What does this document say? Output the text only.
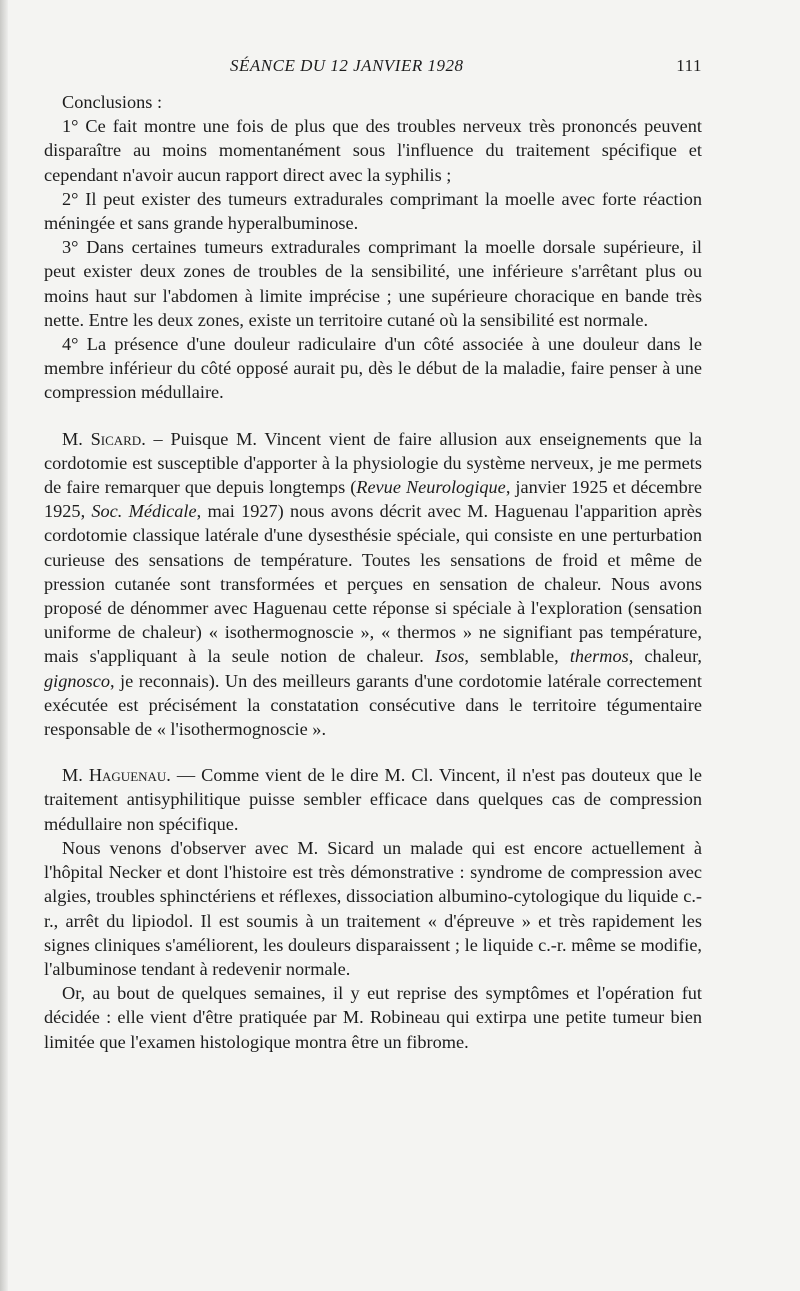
SÉANCE DU 12 JANVIER 1928	111

Conclusions :

1° Ce fait montre une fois de plus que des troubles nerveux très prononcés peuvent disparaître au moins momentanément sous l'influence du traitement spécifique et cependant n'avoir aucun rapport direct avec la syphilis ;

2° Il peut exister des tumeurs extradurales comprimant la moelle avec forte réaction méningée et sans grande hyperalbuminose.

3° Dans certaines tumeurs extradurales comprimant la moelle dorsale supérieure, il peut exister deux zones de troubles de la sensibilité, une inférieure s'arrêtant plus ou moins haut sur l'abdomen à limite imprécise ; une supérieure choracique en bande très nette. Entre les deux zones, existe un territoire cutané où la sensibilité est normale.

4° La présence d'une douleur radiculaire d'un côté associée à une douleur dans le membre inférieur du côté opposé aurait pu, dès le début de la maladie, faire penser à une compression médullaire.

M. Sicard. – Puisque M. Vincent vient de faire allusion aux enseignements que la cordotomie est susceptible d'apporter à la physiologie du système nerveux, je me permets de faire remarquer que depuis longtemps (Revue Neurologique, janvier 1925 et décembre 1925, Soc. Médicale, mai 1927) nous avons décrit avec M. Haguenau l'apparition après cordotomie classique latérale d'une dysesthésie spéciale, qui consiste en une perturbation curieuse des sensations de température. Toutes les sensations de froid et même de pression cutanée sont transformées et perçues en sensation de chaleur. Nous avons proposé de dénommer avec Haguenau cette réponse si spéciale à l'exploration (sensation uniforme de chaleur) « isothermognoscie », « thermos » ne signifiant pas température, mais s'appliquant à la seule notion de chaleur. Isos, semblable, thermos, chaleur, gignosco, je reconnais). Un des meilleurs garants d'une cordotomie latérale correctement exécutée est précisément la constatation consécutive dans le territoire tégumentaire responsable de « l'isothermognoscie ».

M. Haguenau. — Comme vient de le dire M. Cl. Vincent, il n'est pas douteux que le traitement antisyphilitique puisse sembler efficace dans quelques cas de compression médullaire non spécifique.

Nous venons d'observer avec M. Sicard un malade qui est encore actuellement à l'hôpital Necker et dont l'histoire est très démonstrative : syndrome de compression avec algies, troubles sphinctériens et réflexes, dissociation albumino-cytologique du liquide c.-r., arrêt du lipiodol. Il est soumis à un traitement « d'épreuve » et très rapidement les signes cliniques s'améliorent, les douleurs disparaissent ; le liquide c.-r. même se modifie, l'albuminose tendant à redevenir normale.

Or, au bout de quelques semaines, il y eut reprise des symptômes et l'opération fut décidée : elle vient d'être pratiquée par M. Robineau qui extirpa une petite tumeur bien limitée que l'examen histologique montra être un fibrome.
